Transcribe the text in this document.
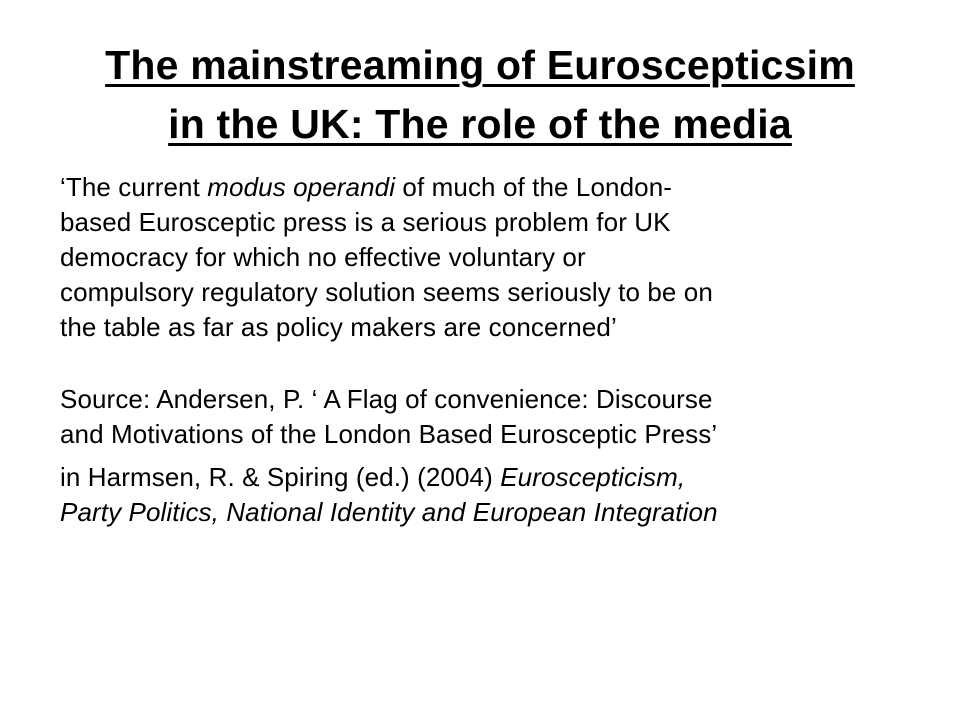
The mainstreaming of Euroscepticsim
in the UK: The role of the media

‘The current modus operandi of much of the London-
based Eurosceptic press is a serious problem for UK
democracy for which no effective voluntary or
compulsory regulatory solution seems seriously to be on
the table as far as policy makers are concerned’

Source: Andersen, P. ‘ A Flag of convenience: Discourse
and Motivations of the London Based Eurosceptic Press’

in Harmsen, R. & Spiring (ed.) (2004) Euroscepticism,
Party Politics, National Identity and European Integration
